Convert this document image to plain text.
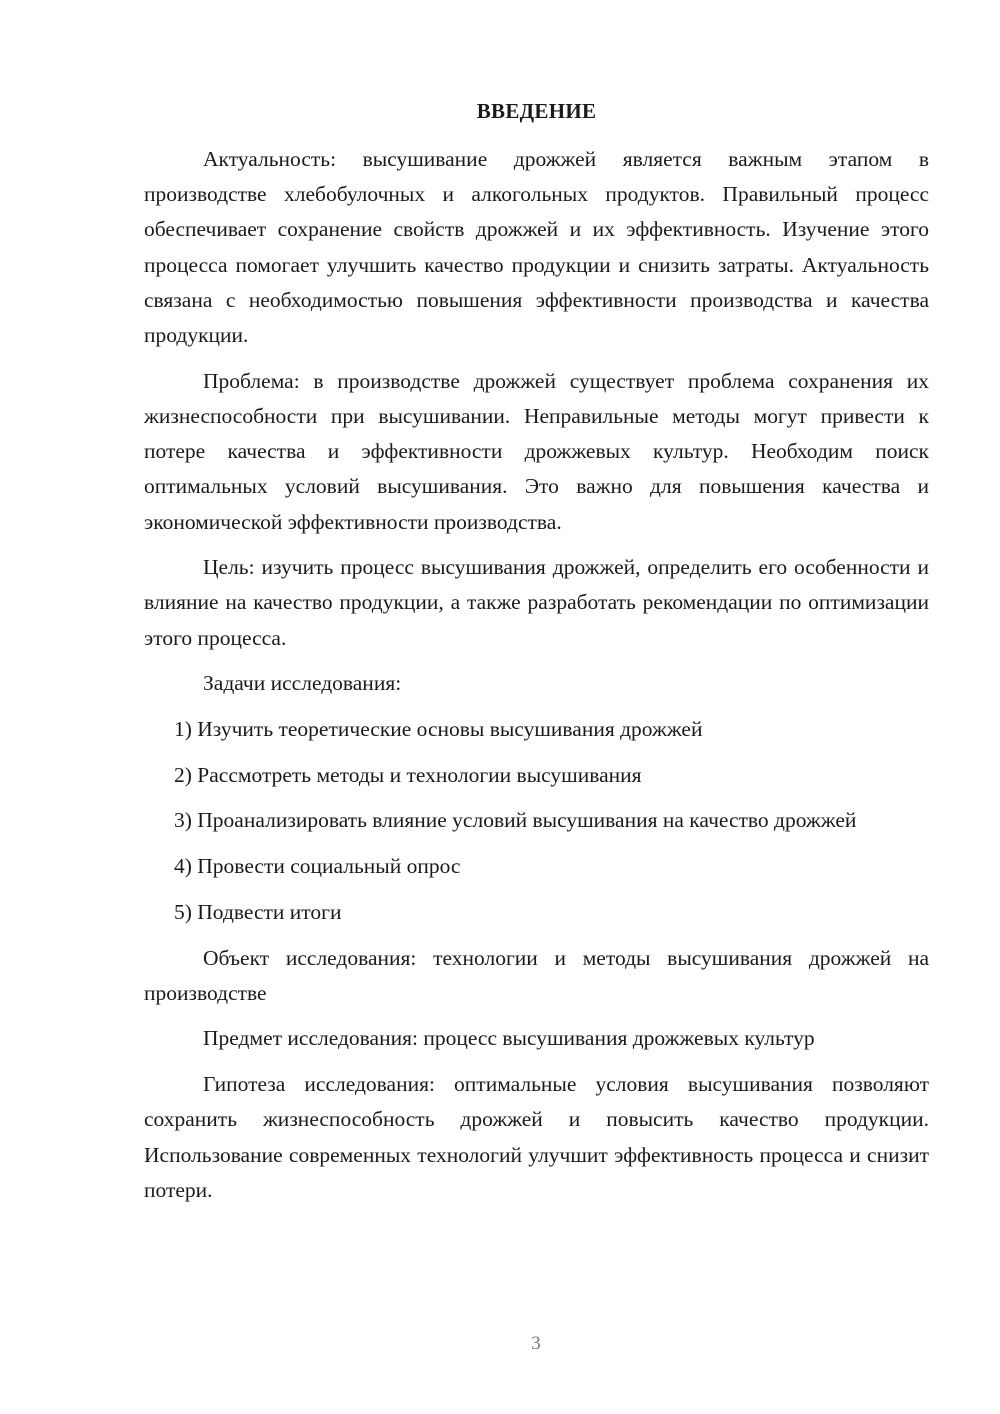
ВВЕДЕНИЕ

Актуальность: высушивание дрожжей является важным этапом в производстве хлебобулочных и алкогольных продуктов. Правильный процесс обеспечивает сохранение свойств дрожжей и их эффективность. Изучение этого процесса помогает улучшить качество продукции и снизить затраты. Актуальность связана с необходимостью повышения эффективности производства и качества продукции.

Проблема: в производстве дрожжей существует проблема сохранения их жизнеспособности при высушивании. Неправильные методы могут привести к потере качества и эффективности дрожжевых культур. Необходим поиск оптимальных условий высушивания. Это важно для повышения качества и экономической эффективности производства.

Цель: изучить процесс высушивания дрожжей, определить его особенности и влияние на качество продукции, а также разработать рекомендации по оптимизации этого процесса.

Задачи исследования:

1) Изучить теоретические основы высушивания дрожжей

2) Рассмотреть методы и технологии высушивания

3) Проанализировать влияние условий высушивания на качество дрожжей

4) Провести социальный опрос

5) Подвести итоги

Объект исследования: технологии и методы высушивания дрожжей на производстве

Предмет исследования: процесс высушивания дрожжевых культур

Гипотеза исследования: оптимальные условия высушивания позволяют сохранить жизнеспособность дрожжей и повысить качество продукции. Использование современных технологий улучшит эффективность процесса и снизит потери.

3
